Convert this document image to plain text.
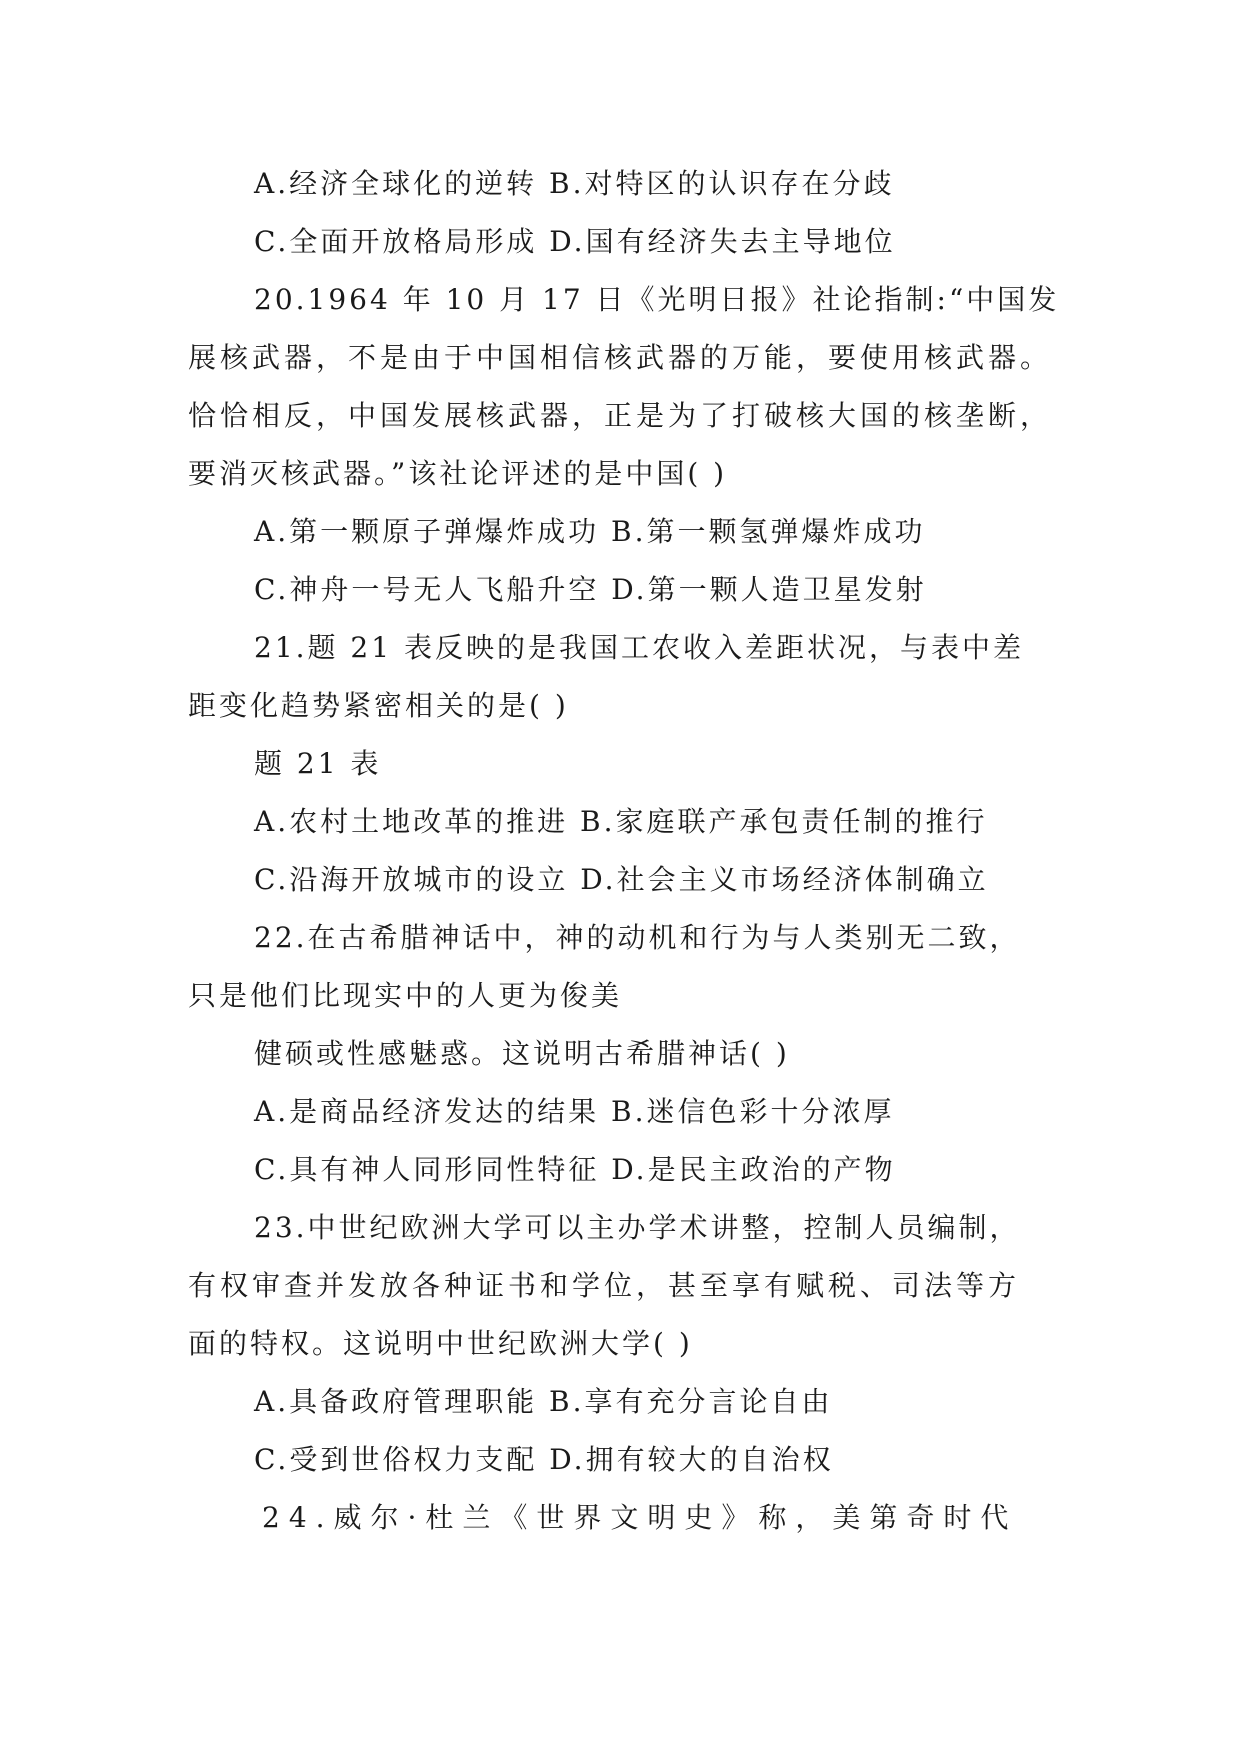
A.经济全球化的逆转 B.对特区的认识存在分歧
C.全面开放格局形成 D.国有经济失去主导地位
20.1964 年 10 月 17 日《光明日报》社论指制:“中国发
展核武器，不是由于中国相信核武器的万能，要使用核武器。
恰恰相反，中国发展核武器，正是为了打破核大国的核垄断，
要消灭核武器。”该社论评述的是中国( )
A.第一颗原子弹爆炸成功 B.第一颗氢弹爆炸成功
C.神舟一号无人飞船升空 D.第一颗人造卫星发射
21.题 21 表反映的是我国工农收入差距状况，与表中差
距变化趋势紧密相关的是( )
题 21 表
A.农村土地改革的推进 B.家庭联产承包责任制的推行
C.沿海开放城市的设立 D.社会主义市场经济体制确立
22.在古希腊神话中，神的动机和行为与人类别无二致，
只是他们比现实中的人更为俊美
健硕或性感魅惑。这说明古希腊神话( )
A.是商品经济发达的结果 B.迷信色彩十分浓厚
C.具有神人同形同性特征 D.是民主政治的产物
23.中世纪欧洲大学可以主办学术讲整，控制人员编制，
有权审查并发放各种证书和学位，甚至享有赋税、司法等方
面的特权。这说明中世纪欧洲大学( )
A.具备政府管理职能 B.享有充分言论自由
C.受到世俗权力支配 D.拥有较大的自治权
24.威尔·杜兰《世界文明史》称，美第奇时代
